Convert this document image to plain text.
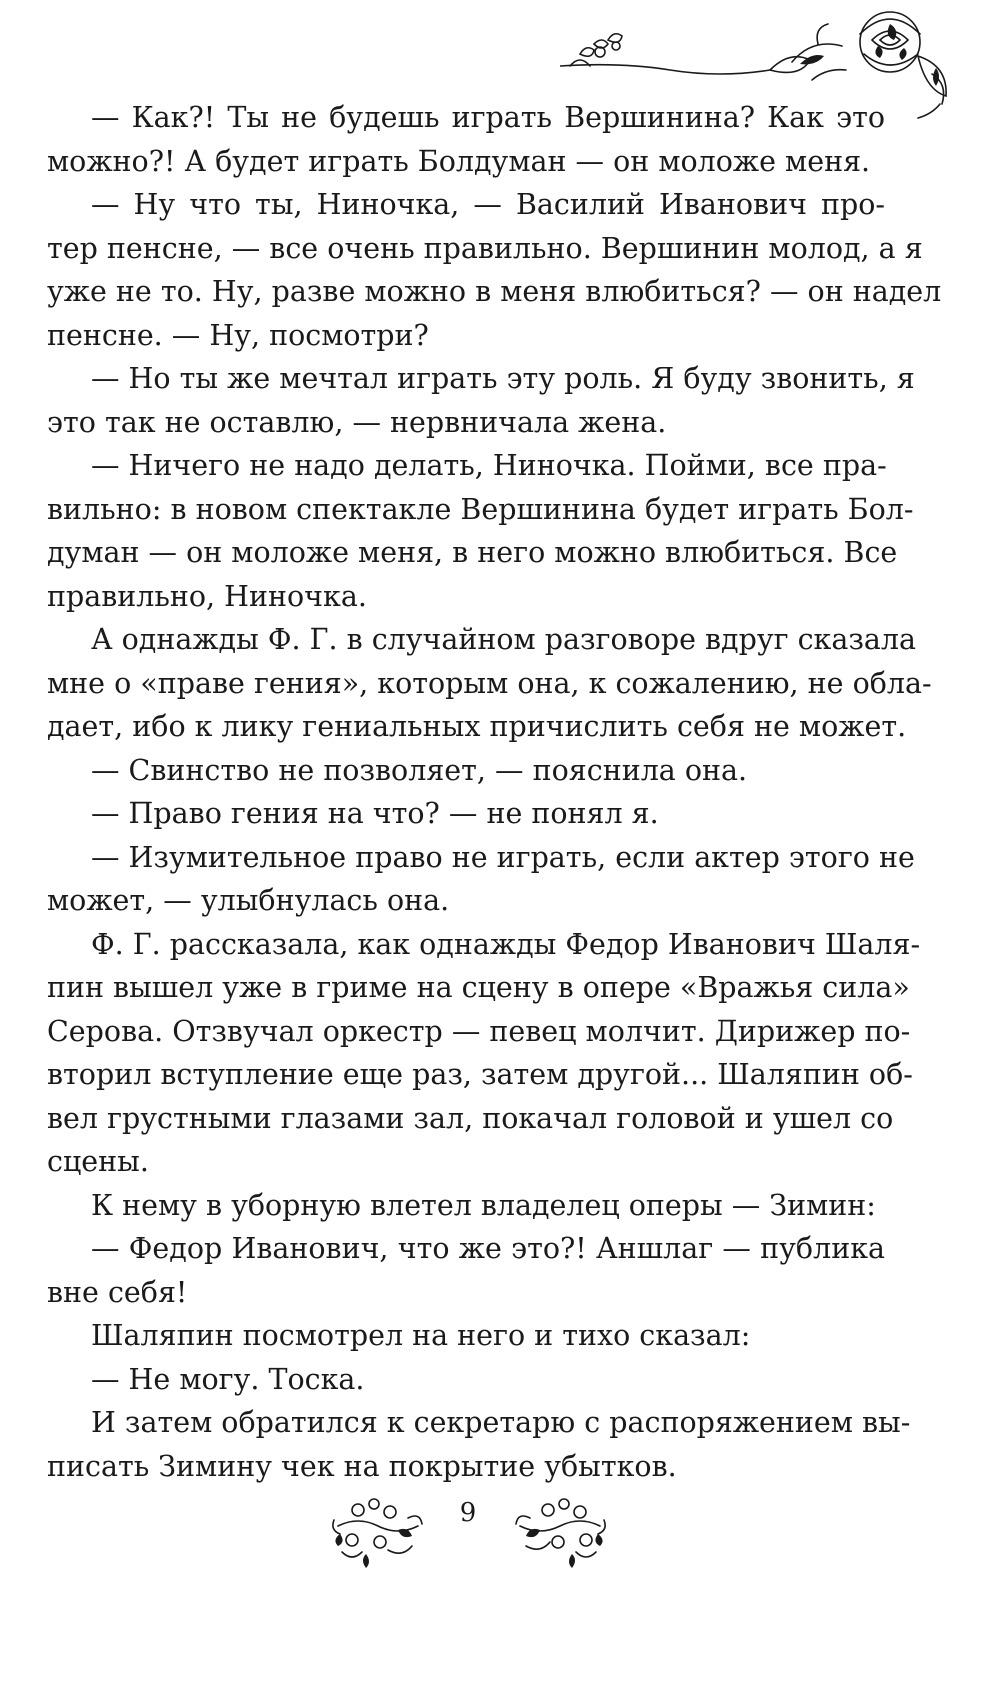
— Как?! Ты не будешь играть Вершинина? Как это
можно?! А будет играть Болдуман — он моложе меня.
— Ну что ты, Ниночка, — Василий Иванович про-
тер пенсне, — все очень правильно. Вершинин молод, а я
уже не то. Ну, разве можно в меня влюбиться? — он надел
пенсне. — Ну, посмотри?
— Но ты же мечтал играть эту роль. Я буду звонить, я
это так не оставлю, — нервничала жена.
— Ничего не надо делать, Ниночка. Пойми, все пра-
вильно: в новом спектакле Вершинина будет играть Бол-
думан — он моложе меня, в него можно влюбиться. Все
правильно, Ниночка.
А однажды Ф. Г. в случайном разговоре вдруг сказала
мне о «праве гения», которым она, к сожалению, не обла-
дает, ибо к лику гениальных причислить себя не может.
— Свинство не позволяет, — пояснила она.
— Право гения на что? — не понял я.
— Изумительное право не играть, если актер этого не
может, — улыбнулась она.
Ф. Г. рассказала, как однажды Федор Иванович Шаля-
пин вышел уже в гриме на сцену в опере «Вражья сила»
Серова. Отзвучал оркестр — певец молчит. Дирижер по-
вторил вступление еще раз, затем другой... Шаляпин об-
вел грустными глазами зал, покачал головой и ушел со
сцены.
К нему в уборную влетел владелец оперы — Зимин:
— Федор Иванович, что же это?! Аншлаг — публика
вне себя!
Шаляпин посмотрел на него и тихо сказал:
— Не могу. Тоска.
И затем обратился к секретарю с распоряжением вы-
писать Зимину чек на покрытие убытков.
9
